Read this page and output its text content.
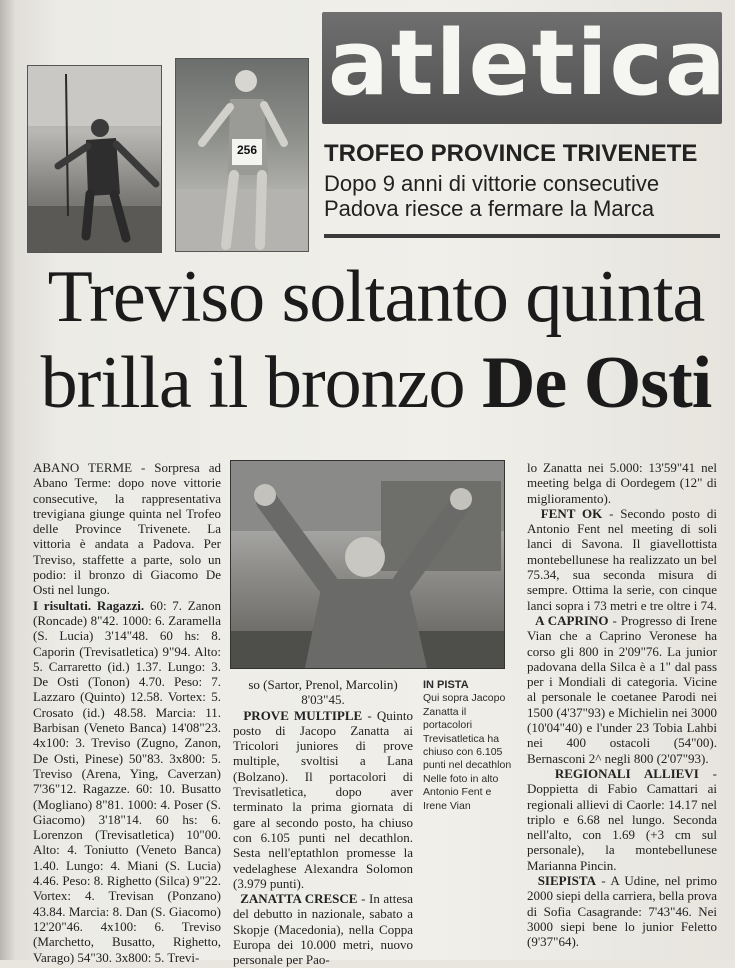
256
atletica
TROFEO PROVINCE TRIVENETE
Dopo 9 anni di vittorie consecutive
Padova riesce a fermare la Marca
Treviso soltanto quinta
brilla il bronzo De Osti

ABANO TERME - Sorpresa ad Abano Terme: dopo nove vittorie consecutive, la rappresentativa trevigiana giunge quinta nel Trofeo delle Province Trivenete. La vittoria è andata a Padova. Per Treviso, staffette a parte, solo un podio: il bronzo di Giacomo De Osti nel lungo.

I risultati. Ragazzi. 60: 7. Zanon (Roncade) 8"42. 1000: 6. Zaramella (S. Lucia) 3'14"48. 60 hs: 8. Caporin (Trevisatletica) 9"94. Alto: 5. Carraretto (id.) 1.37. Lungo: 3. De Osti (Tonon) 4.70. Peso: 7. Lazzaro (Quinto) 12.58. Vortex: 5. Crosato (id.) 48.58. Marcia: 11. Barbisan (Veneto Banca) 14'08"23. 4x100: 3. Treviso (Zugno, Zanon, De Osti, Pinese) 50"83. 3x800: 5. Treviso (Arena, Ying, Caverzan) 7'36"12. Ragazze. 60: 10. Busatto (Mogliano) 8"81. 1000: 4. Poser (S. Giacomo) 3'18"14. 60 hs: 6. Lorenzon (Trevisatletica) 10"00. Alto: 4. Toniutto (Veneto Banca) 1.40. Lungo: 4. Miani (S. Lucia) 4.46. Peso: 8. Righetto (Silca) 9"22. Vortex: 4. Trevisan (Ponzano) 43.84. Marcia: 8. Dan (S. Giacomo) 12'20"46. 4x100: 6. Treviso (Marchetto, Busatto, Righetto, Varago) 54"30. 3x800: 5. Trevi-

so (Sartor, Prenol, Marcolin) 8'03"45.

PROVE MULTIPLE - Quinto posto di Jacopo Zanatta ai Tricolori juniores di prove multiple, svoltisi a Lana (Bolzano). Il portacolori di Trevisatletica, dopo aver terminato la prima giornata di gare al secondo posto, ha chiuso con 6.105 punti nel decathlon. Sesta nell'eptathlon promesse la vedelaghese Alexandra Solomon (3.979 punti).

ZANATTA CRESCE - In attesa del debutto in nazionale, sabato a Skopje (Macedonia), nella Coppa Europa dei 10.000 metri, nuovo personale per Pao-

IN PISTA
Qui sopra Jacopo Zanatta il portacolori Trevisatletica ha chiuso con 6.105 punti nel decathlon Nelle foto in alto Antonio Fent e Irene Vian

lo Zanatta nei 5.000: 13'59"41 nel meeting belga di Oordegem (12" di miglioramento).

FENT OK - Secondo posto di Antonio Fent nel meeting di soli lanci di Savona. Il giavellottista montebellunese ha realizzato un bel 75.34, sua seconda misura di sempre. Ottima la serie, con cinque lanci sopra i 73 metri e tre oltre i 74.

A CAPRINO - Progresso di Irene Vian che a Caprino Veronese ha corso gli 800 in 2'09"76. La junior padovana della Silca è a 1" dal pass per i Mondiali di categoria. Vicine al personale le coetanee Parodi nei 1500 (4'37"93) e Michielin nei 3000 (10'04"40) e l'under 23 Tobia Lahbi nei 400 ostacoli (54"00). Bernasconi 2^ negli 800 (2'07"93).

REGIONALI ALLIEVI - Doppietta di Fabio Camattari ai regionali allievi di Caorle: 14.17 nel triplo e 6.68 nel lungo. Seconda nell'alto, con 1.69 (+3 cm sul personale), la montebellunese Marianna Pincin.

SIEPISTA - A Udine, nel primo 2000 siepi della carriera, bella prova di Sofia Casagrande: 7'43"46. Nei 3000 siepi bene lo junior Feletto (9'37"64).
